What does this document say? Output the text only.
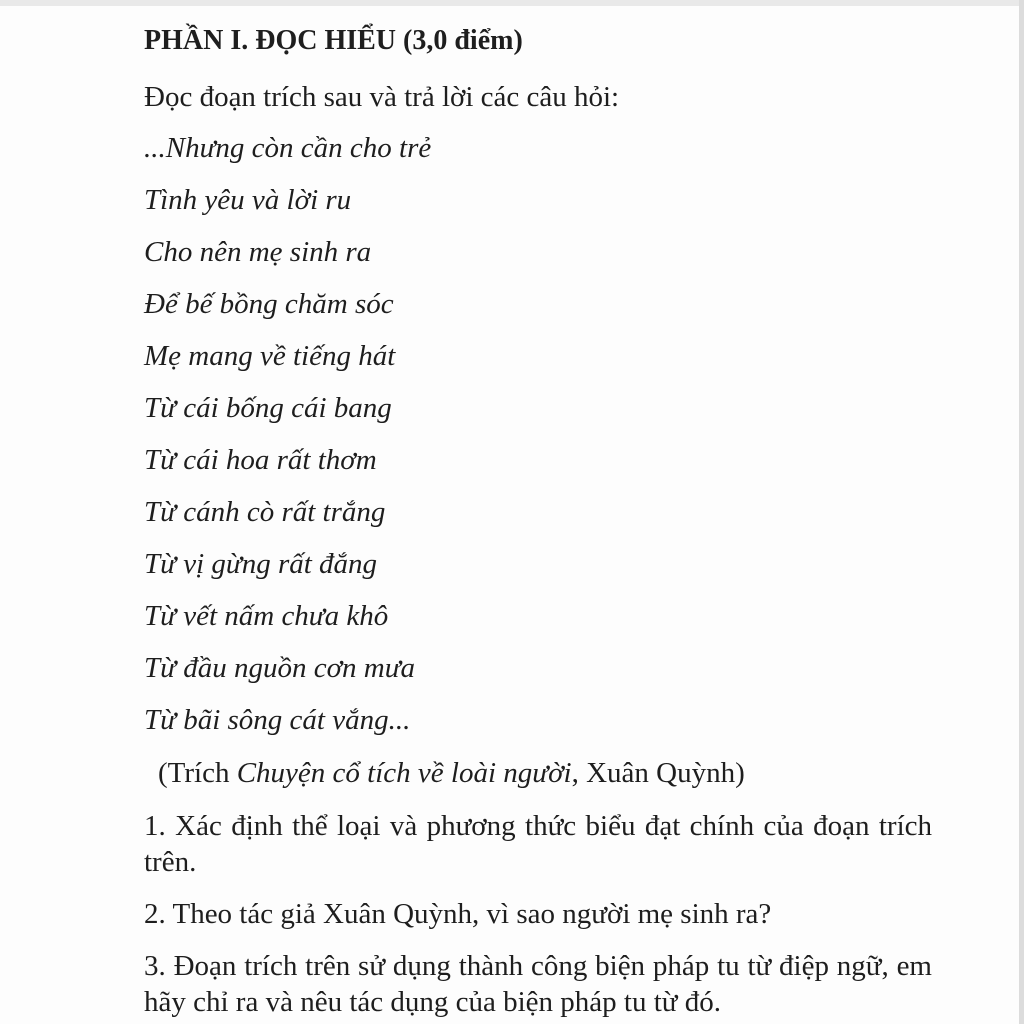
PHẦN I. ĐỌC HIỂU (3,0 điểm)
Đọc đoạn trích sau và trả lời các câu hỏi:
...Nhưng còn cần cho trẻ
Tình yêu và lời ru
Cho nên mẹ sinh ra
Để bế bồng chăm sóc
Mẹ mang về tiếng hát
Từ cái bống cái bang
Từ cái hoa rất thơm
Từ cánh cò rất trắng
Từ vị gừng rất đắng
Từ vết nấm chưa khô
Từ đầu nguồn cơn mưa
Từ bãi sông cát vắng...
(Trích Chuyện cổ tích về loài người, Xuân Quỳnh)
1. Xác định thể loại và phương thức biểu đạt chính của đoạn trích trên.
2. Theo tác giả Xuân Quỳnh, vì sao người mẹ sinh ra?
3. Đoạn trích trên sử dụng thành công biện pháp tu từ điệp ngữ, em hãy chỉ ra và nêu tác dụng của biện pháp tu từ đó.
